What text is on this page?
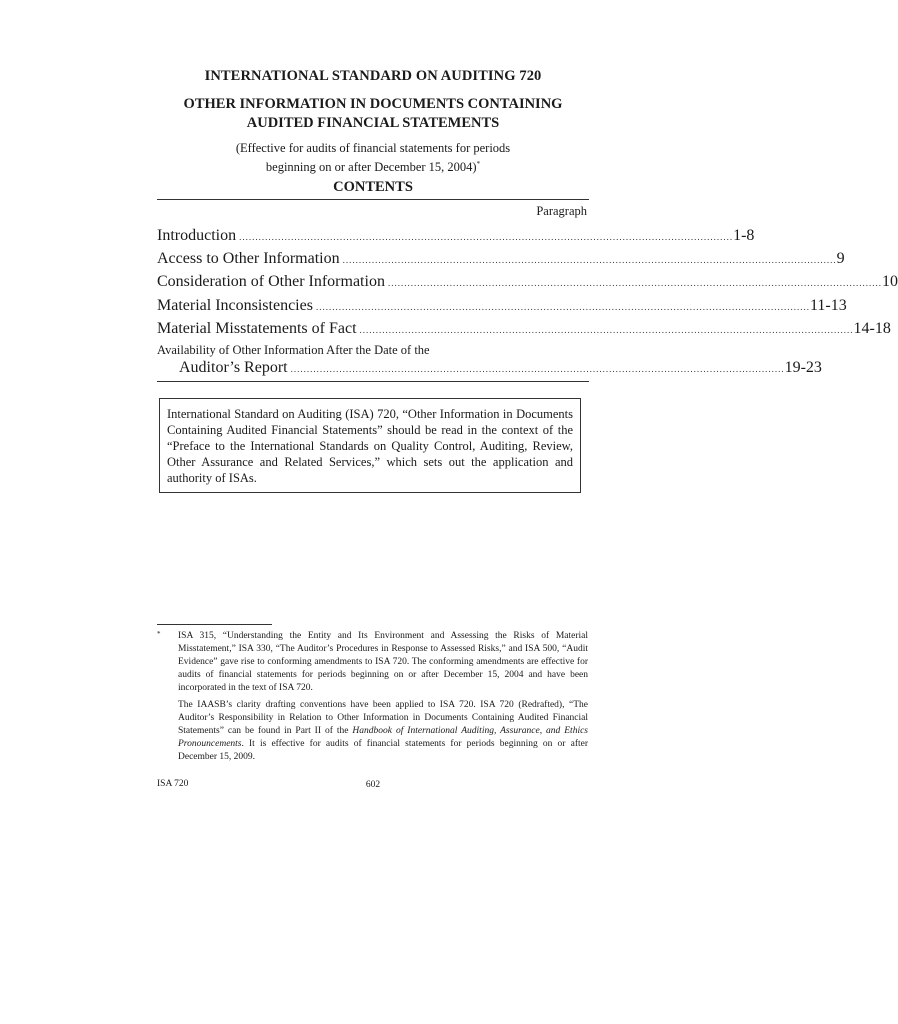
INTERNATIONAL STANDARD ON AUDITING 720
OTHER INFORMATION IN DOCUMENTS CONTAINING
AUDITED FINANCIAL STATEMENTS
(Effective for audits of financial statements for periods
beginning on or after December 15, 2004)*
CONTENTS
Paragraph
Introduction ........................................................................................................................................................ 1-8
Access to Other Information ........................................................................................................................................................ 9
Consideration of Other Information ........................................................................................................................................................ 10
Material Inconsistencies ........................................................................................................................................................ 11-13
Material Misstatements of Fact ........................................................................................................................................................ 14-18
Availability of Other Information After the Date of the
Auditor’s Report ........................................................................................................................................................ 19-23
International Standard on Auditing (ISA) 720, “Other Information in Documents Containing Audited Financial Statements” should be read in the context of the “Preface to the International Standards on Quality Control, Auditing, Review, Other Assurance and Related Services,” which sets out the application and authority of ISAs.
* ISA 315, “Understanding the Entity and Its Environment and Assessing the Risks of Material Misstatement,” ISA 330, “The Auditor’s Procedures in Response to Assessed Risks,” and ISA 500, “Audit Evidence” gave rise to conforming amendments to ISA 720. The conforming amendments are effective for audits of financial statements for periods beginning on or after December 15, 2004 and have been incorporated in the text of ISA 720.
The IAASB’s clarity drafting conventions have been applied to ISA 720. ISA 720 (Redrafted), “The Auditor’s Responsibility in Relation to Other Information in Documents Containing Audited Financial Statements” can be found in Part II of the Handbook of International Auditing, Assurance, and Ethics Pronouncements. It is effective for audits of financial statements for periods beginning on or after December 15, 2009.
ISA 720	602
